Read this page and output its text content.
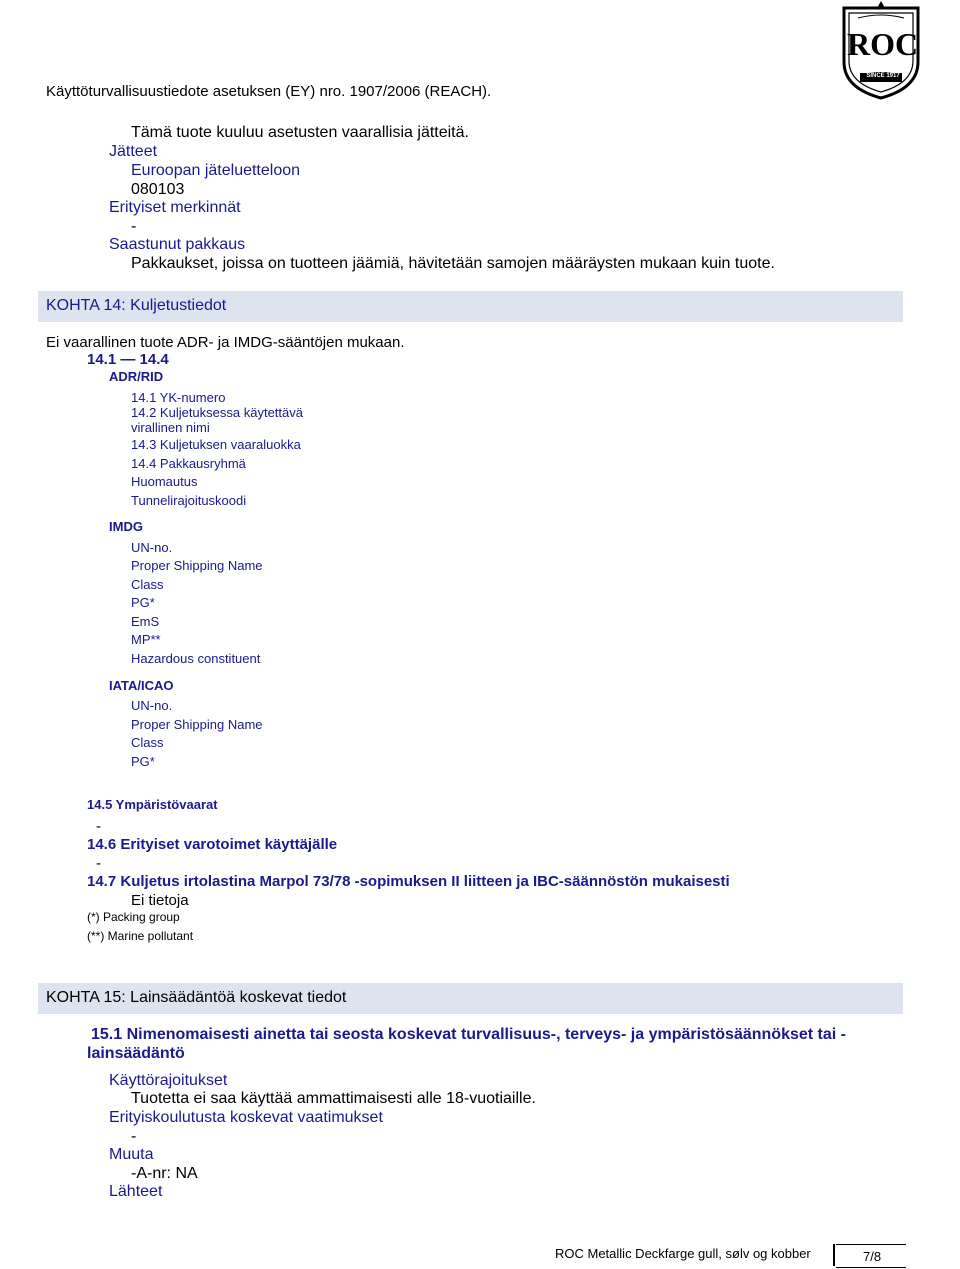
ROC
SINCE 1917
Käyttöturvallisuustiedote asetuksen (EY) nro. 1907/2006 (REACH).
Tämä tuote kuuluu asetusten vaarallisia jätteitä.
Jätteet
Euroopan jäteluetteloon
080103
Erityiset merkinnät
-
Saastunut pakkaus
Pakkaukset, joissa on tuotteen jäämiä, hävitetään samojen määräysten mukaan kuin tuote.
KOHTA 14: Kuljetustiedot
Ei vaarallinen tuote ADR- ja IMDG-sääntöjen mukaan.
14.1 — 14.4
ADR/RID
14.1 YK-numero
14.2 Kuljetuksessa käytettävä
virallinen nimi
14.3 Kuljetuksen vaaraluokka
14.4 Pakkausryhmä
Huomautus
Tunnelirajoituskoodi
IMDG
UN-no.
Proper Shipping Name
Class
PG*
EmS
MP**
Hazardous constituent
IATA/ICAO
UN-no.
Proper Shipping Name
Class
PG*
14.5 Ympäristövaarat
-
14.6 Erityiset varotoimet käyttäjälle
-
14.7 Kuljetus irtolastina Marpol 73/78 -sopimuksen II liitteen ja IBC-säännöstön mukaisesti
Ei tietoja
(*) Packing group
(**) Marine pollutant
KOHTA 15: Lainsäädäntöä koskevat tiedot
15.1 Nimenomaisesti ainetta tai seosta koskevat turvallisuus-, terveys- ja ympäristösäännökset tai -
lainsäädäntö
Käyttörajoitukset
Tuotetta ei saa käyttää ammattimaisesti alle 18-vuotiaille.
Erityiskoulutusta koskevat vaatimukset
-
Muuta
-A-nr: NA
Lähteet
ROC Metallic Deckfarge gull, sølv og kobber	7/8
